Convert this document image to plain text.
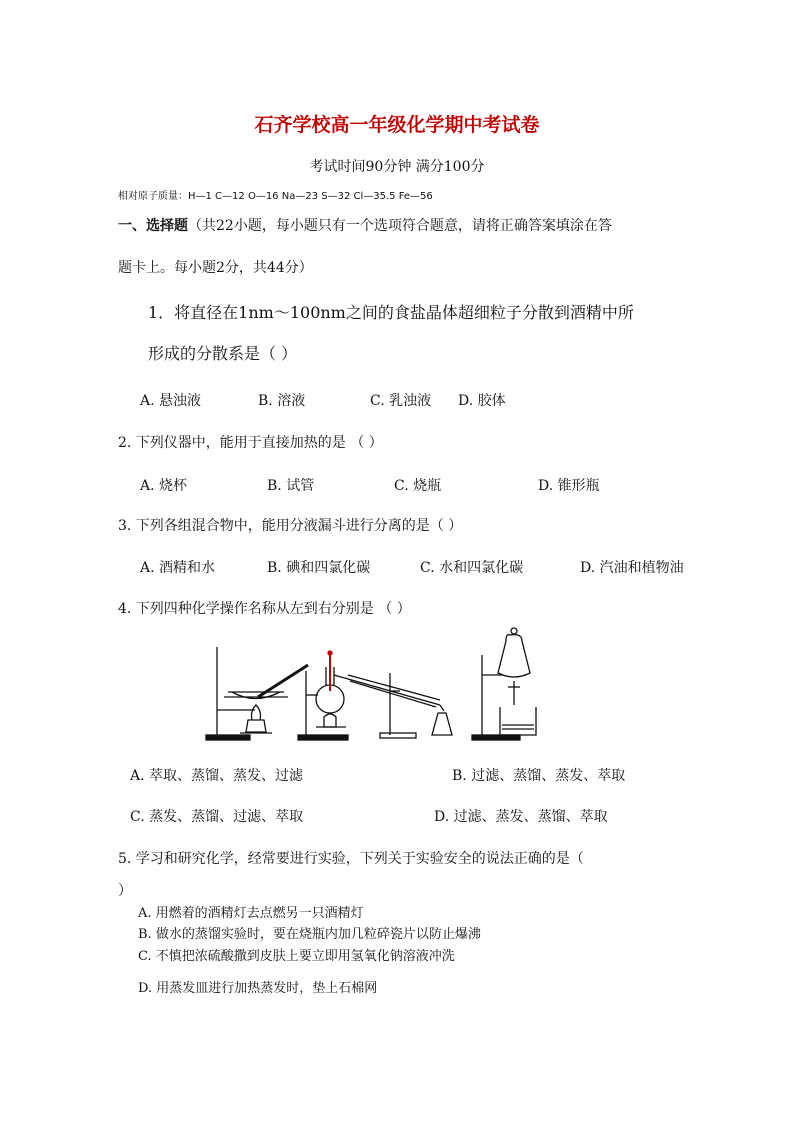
石齐学校高一年级化学期中考试卷
考试时间90分钟 满分100分
相对原子质量：H—1 C—12 O—16 Na—23 S—32 Cl—35.5 Fe—56
一、选择题（共22小题，每小题只有一个选项符合题意，请将正确答案填涂在答
题卡上。每小题2分，共44分）
1．将直径在1nm～100nm之间的食盐晶体超细粒子分散到酒精中所
形成的分散系是（ ）
A. 悬浊液	B. 溶液	C. 乳浊液 D. 胶体
2. 下列仪器中，能用于直接加热的是 （ ）
A. 烧杯	B. 试管	C. 烧瓶	D. 锥形瓶
3. 下列各组混合物中，能用分液漏斗进行分离的是（ ）
A. 酒精和水	B. 碘和四氯化碳	C. 水和四氯化碳	D. 汽油和植物油
4. 下列四种化学操作名称从左到右分别是 （ ）
A. 萃取、蒸馏、蒸发、过滤	B. 过滤、蒸馏、蒸发、萃取
C. 蒸发、蒸馏、过滤、萃取	D. 过滤、蒸发、蒸馏、萃取
5. 学习和研究化学，经常要进行实验，下列关于实验安全的说法正确的是（
）
A. 用燃着的酒精灯去点燃另一只酒精灯
B. 做水的蒸馏实验时，要在烧瓶内加几粒碎瓷片以防止爆沸
C. 不慎把浓硫酸撒到皮肤上要立即用氢氧化钠溶液冲洗
D. 用蒸发皿进行加热蒸发时，垫上石棉网
